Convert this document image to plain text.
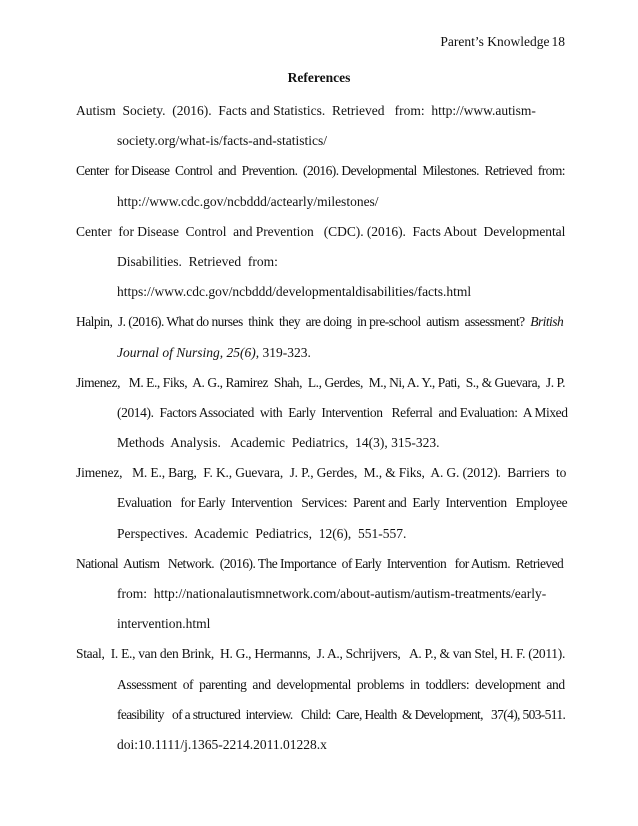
Parent’s Knowledge 18
References
Autism  Society.  (2016).  Facts and Statistics.  Retrieved   from:  http://www.autism-
society.org/what-is/facts-and-statistics/
Center  for Disease  Control  and  Prevention.  (2016). Developmental  Milestones.  Retrieved  from:
http://www.cdc.gov/ncbddd/actearly/milestones/
Center  for Disease  Control  and Prevention   (CDC). (2016).  Facts About  Developmental
Disabilities.  Retrieved  from:
https://www.cdc.gov/ncbddd/developmentaldisabilities/facts.html
Halpin,  J. (2016). What do nurses  think  they  are doing  in pre-school  autism  assessment?  British
Journal of Nursing, 25(6), 319-323.
Jimenez,   M. E., Fiks,  A. G., Ramirez  Shah,  L., Gerdes,  M., Ni, A. Y., Pati,  S., & Guevara,  J. P.
(2014).  Factors Associated  with  Early  Intervention   Referral  and Evaluation:  A Mixed
Methods  Analysis.   Academic  Pediatrics,  14(3), 315-323.
Jimenez,   M. E., Barg,  F. K., Guevara,  J. P., Gerdes,  M., & Fiks,  A. G. (2012).  Barriers  to
Evaluation   for Early  Intervention   Services:  Parent and  Early  Intervention   Employee
Perspectives.  Academic  Pediatrics,  12(6),  551-557.
National  Autism   Network.  (2016). The Importance  of Early  Intervention   for Autism.  Retrieved
from:  http://nationalautismnetwork.com/about-autism/autism-treatments/early-
intervention.html
Staal,  I. E., van den Brink,  H. G., Hermanns,  J. A., Schrijvers,   A. P., & van Stel, H. F. (2011).
Assessment  of  parenting  and  developmental  problems  in  toddlers:  development  and
feasibility   of a structured  interview.   Child:  Care, Health  & Development,   37(4), 503-511.
doi:10.1111/j.1365-2214.2011.01228.x
